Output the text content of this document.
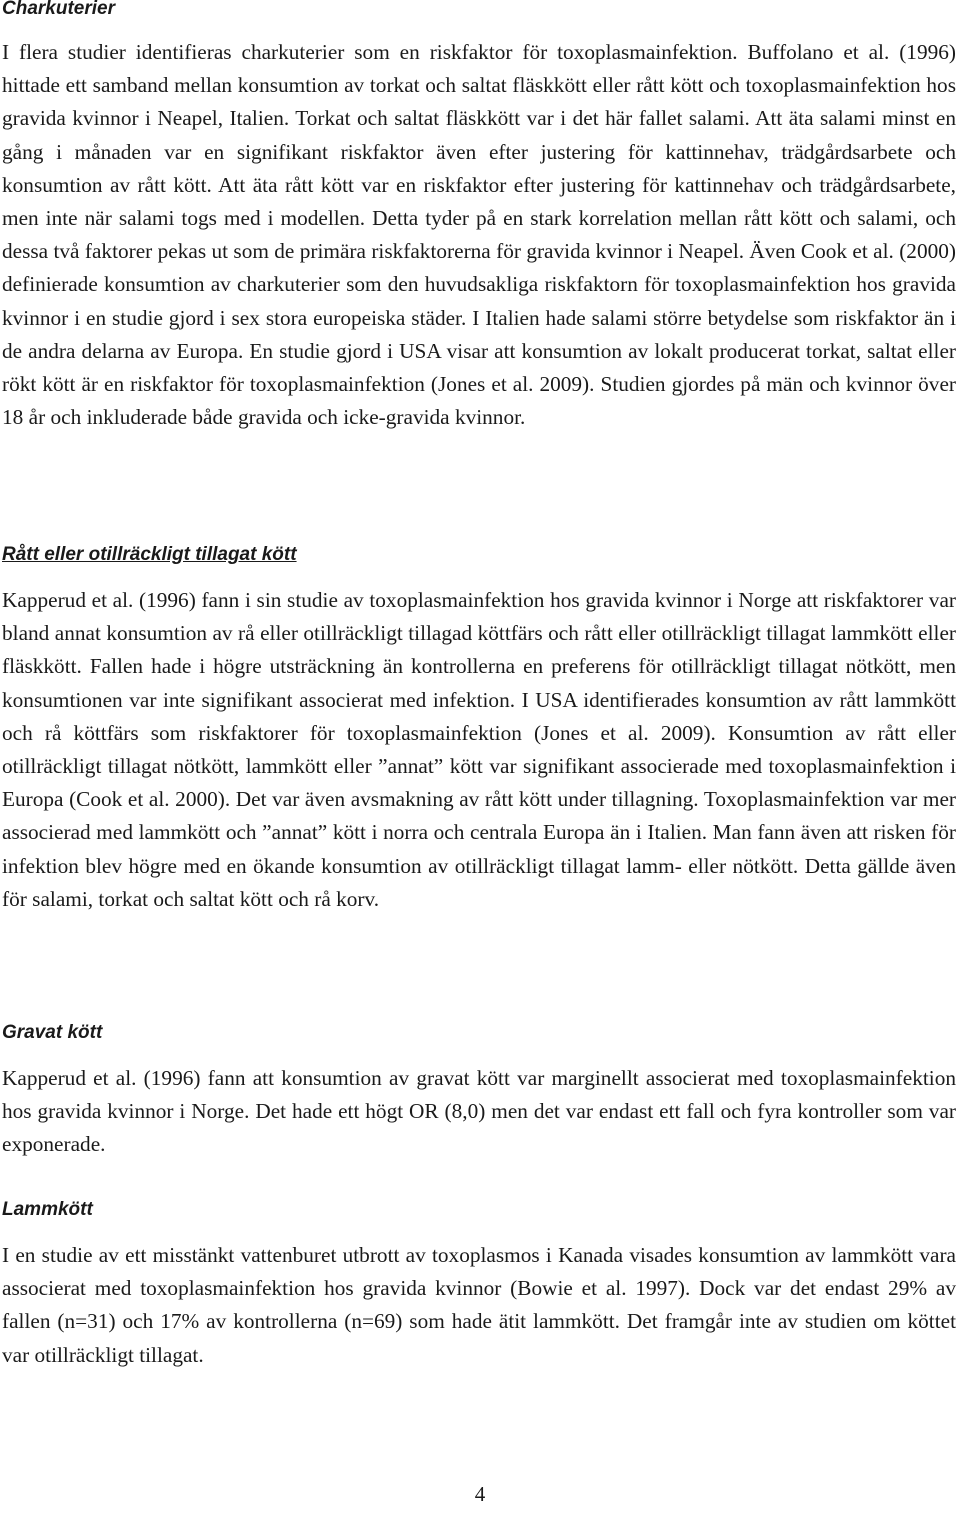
Charkuterier

I flera studier identifieras charkuterier som en riskfaktor för toxoplasmainfektion. Buffolano et al. (1996) hittade ett samband mellan konsumtion av torkat och saltat fläskkött eller rått kött och toxoplasmainfektion hos gravida kvinnor i Neapel, Italien. Torkat och saltat fläskkött var i det här fallet salami. Att äta salami minst en gång i månaden var en signifikant riskfaktor även efter justering för kattinnehav, trädgårdsarbete och konsumtion av rått kött. Att äta rått kött var en riskfaktor efter justering för kattinnehav och trädgårdsarbete, men inte när salami togs med i modellen. Detta tyder på en stark korrelation mellan rått kött och salami, och dessa två faktorer pekas ut som de primära riskfaktorerna för gravida kvinnor i Neapel. Även Cook et al. (2000) definierade konsumtion av charkuterier som den huvudsakliga riskfaktorn för toxoplasmainfektion hos gravida kvinnor i en studie gjord i sex stora europeiska städer. I Italien hade salami större betydelse som riskfaktor än i de andra delarna av Europa. En studie gjord i USA visar att konsumtion av lokalt producerat torkat, saltat eller rökt kött är en riskfaktor för toxoplasmainfektion (Jones et al. 2009). Studien gjordes på män och kvinnor över 18 år och inkluderade både gravida och icke-gravida kvinnor.

Rått eller otillräckligt tillagat kött

Kapperud et al. (1996) fann i sin studie av toxoplasmainfektion hos gravida kvinnor i Norge att riskfaktorer var bland annat konsumtion av rå eller otillräckligt tillagad köttfärs och rått eller otillräckligt tillagat lammkött eller fläskkött. Fallen hade i högre utsträckning än kontrollerna en preferens för otillräckligt tillagat nötkött, men konsumtionen var inte signifikant associerat med infektion. I USA identifierades konsumtion av rått lammkött och rå köttfärs som riskfaktorer för toxoplasmainfektion (Jones et al. 2009). Konsumtion av rått eller otillräckligt tillagat nötkött, lammkött eller ”annat” kött var signifikant associerade med toxoplasmainfektion i Europa (Cook et al. 2000). Det var även avsmakning av rått kött under tillagning. Toxoplasmainfektion var mer associerad med lammkött och ”annat” kött i norra och centrala Europa än i Italien. Man fann även att risken för infektion blev högre med en ökande konsumtion av otillräckligt tillagat lamm- eller nötkött. Detta gällde även för salami, torkat och saltat kött och rå korv.

Gravat kött

Kapperud et al. (1996) fann att konsumtion av gravat kött var marginellt associerat med toxoplasmainfektion hos gravida kvinnor i Norge. Det hade ett högt OR (8,0) men det var endast ett fall och fyra kontroller som var exponerade.

Lammkött

I en studie av ett misstänkt vattenburet utbrott av toxoplasmos i Kanada visades konsumtion av lammkött vara associerat med toxoplasmainfektion hos gravida kvinnor (Bowie et al. 1997). Dock var det endast 29% av fallen (n=31) och 17% av kontrollerna (n=69) som hade ätit lammkött. Det framgår inte av studien om köttet var otillräckligt tillagat.

4
